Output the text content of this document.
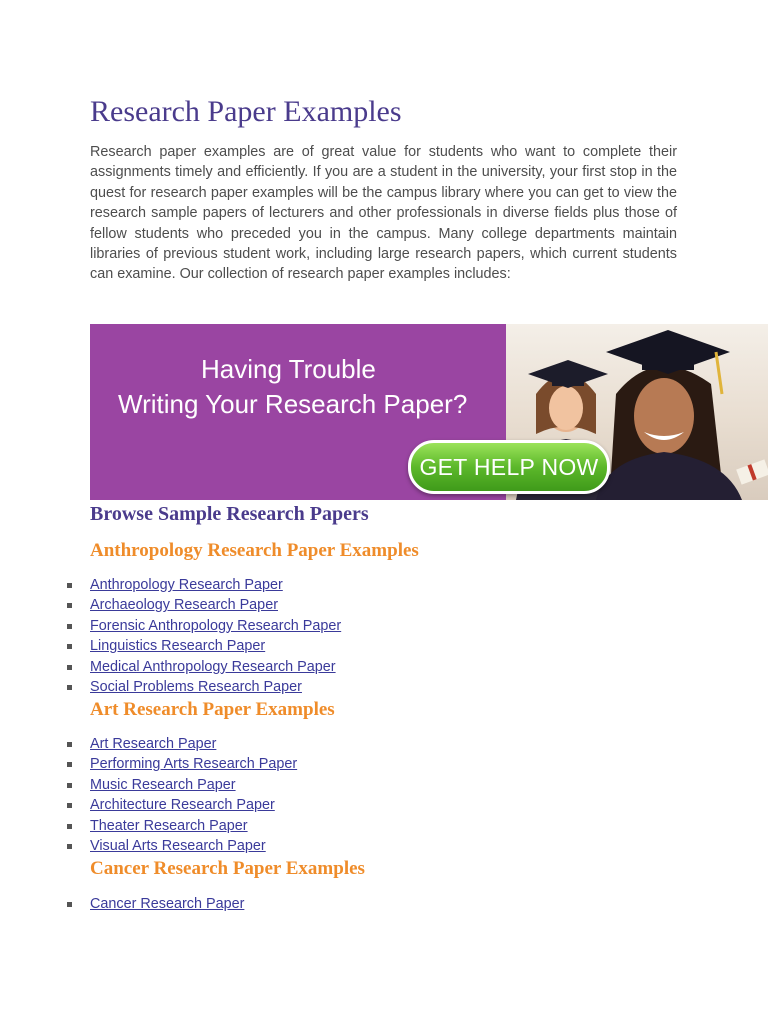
Research Paper Examples

Research paper examples are of great value for students who want to complete their assignments timely and efficiently. If you are a student in the university, your first stop in the quest for research paper examples will be the campus library where you can get to view the research sample papers of lecturers and other professionals in diverse fields plus those of fellow students who preceded you in the campus. Many college departments maintain libraries of previous student work, including large research papers, which current students can examine. Our collection of research paper examples includes:

Having Trouble
Writing Your Research Paper?
GET HELP NOW
Browse Sample Research Papers
Anthropology Research Paper Examples
Anthropology Research Paper
Archaeology Research Paper
Forensic Anthropology Research Paper
Linguistics Research Paper
Medical Anthropology Research Paper
Social Problems Research Paper
Art Research Paper Examples
Art Research Paper
Performing Arts Research Paper
Music Research Paper
Architecture Research Paper
Theater Research Paper
Visual Arts Research Paper
Cancer Research Paper Examples
Cancer Research Paper
